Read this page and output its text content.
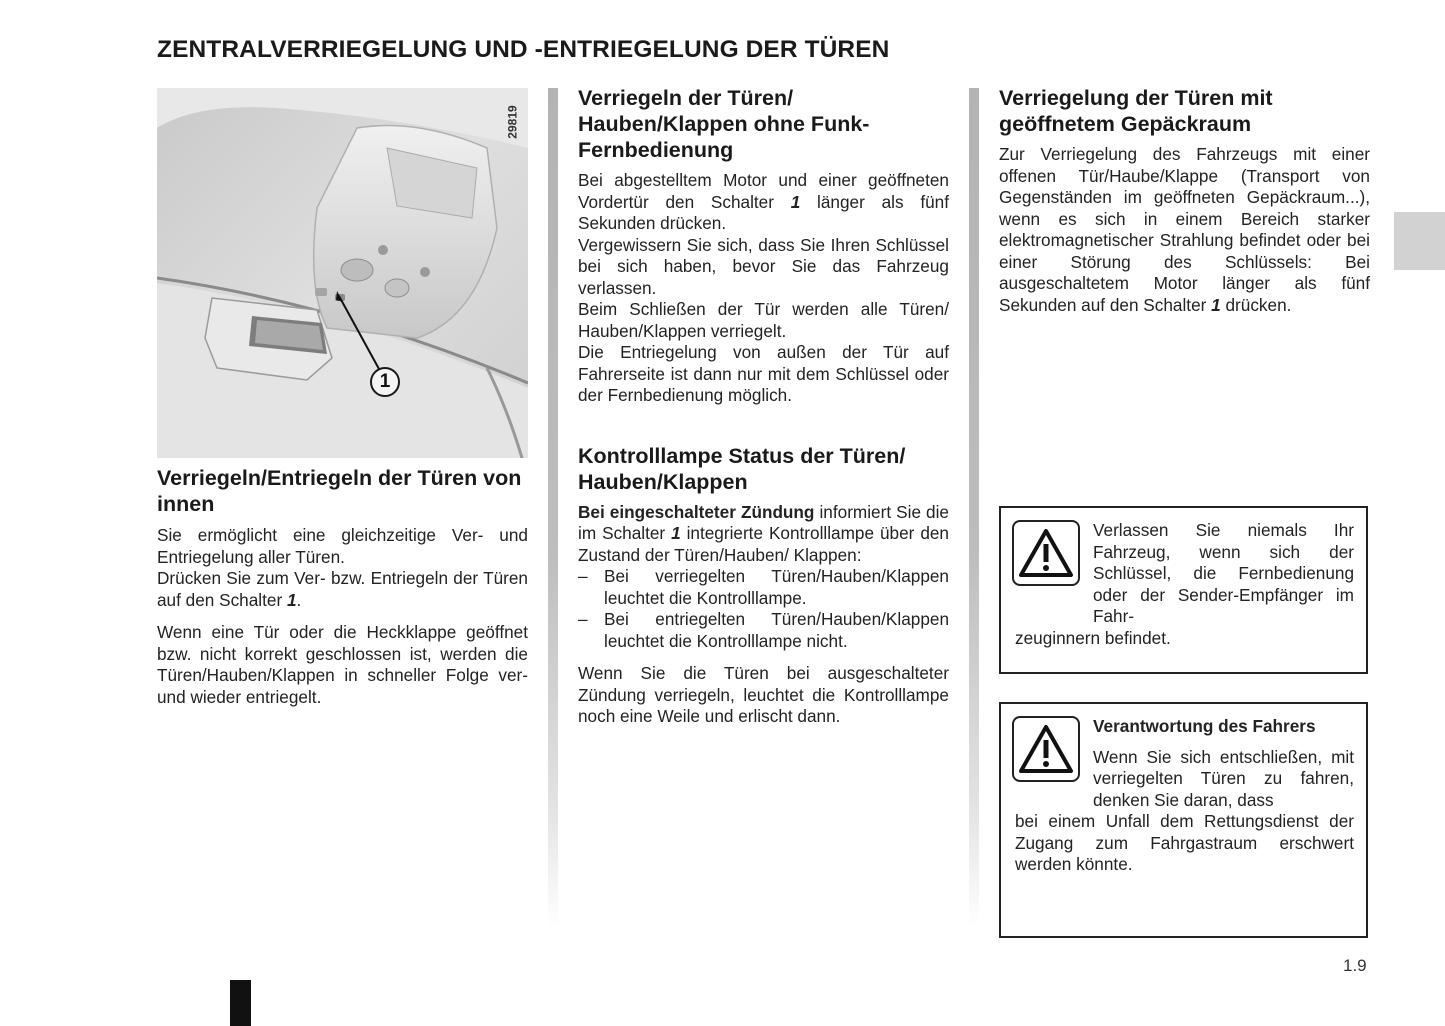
ZENTRALVERRIEGELUNG UND -ENTRIEGELUNG DER TÜREN
29819
1
Verriegeln/Entriegeln der Türen von innen

Sie ermöglicht eine gleichzeitige Ver- und Entriegelung aller Türen.

Drücken Sie zum Ver- bzw. Entriegeln der Türen auf den Schalter 1.

Wenn eine Tür oder die Heckklappe geöffnet bzw. nicht korrekt geschlossen ist, werden die Türen/Hauben/Klappen in schneller Folge ver- und wieder entriegelt.

Verriegeln der Türen/ Hauben/Klappen ohne Funk-Fernbedienung

Bei abgestelltem Motor und einer geöffneten Vordertür den Schalter 1 länger als fünf Sekunden drücken.

Vergewissern Sie sich, dass Sie Ihren Schlüssel bei sich haben, bevor Sie das Fahrzeug verlassen.

Beim Schließen der Tür werden alle Türen/ Hauben/Klappen verriegelt.

Die Entriegelung von außen der Tür auf Fahrerseite ist dann nur mit dem Schlüssel oder der Fernbedienung möglich.

Kontrolllampe Status der Türen/ Hauben/Klappen

Bei eingeschalteter Zündung informiert Sie die im Schalter 1 integrierte Kontrolllampe über den Zustand der Türen/Hauben/ Klappen:

– Bei verriegelten Türen/Hauben/Klappen leuchtet die Kontrolllampe.
– Bei entriegelten Türen/Hauben/Klappen leuchtet die Kontrolllampe nicht.

Wenn Sie die Türen bei ausgeschalteter Zündung verriegeln, leuchtet die Kontrolllampe noch eine Weile und erlischt dann.

Verriegelung der Türen mit geöffnetem Gepäckraum

Zur Verriegelung des Fahrzeugs mit einer offenen Tür/Haube/Klappe (Transport von Gegenständen im geöffneten Gepäckraum...), wenn es sich in einem Bereich starker elektromagnetischer Strahlung befindet oder bei einer Störung des Schlüssels: Bei ausgeschaltetem Motor länger als fünf Sekunden auf den Schalter 1 drücken.

Verlassen Sie niemals Ihr Fahrzeug, wenn sich der Schlüssel, die Fernbedienung oder der Sender-Empfänger im Fahr-

zeuginnern befindet.

Verantwortung des Fahrers

Wenn Sie sich entschließen, mit verriegelten Türen zu fahren, denken Sie daran, dass

bei einem Unfall dem Rettungsdienst der Zugang zum Fahrgastraum erschwert werden könnte.

1.9
